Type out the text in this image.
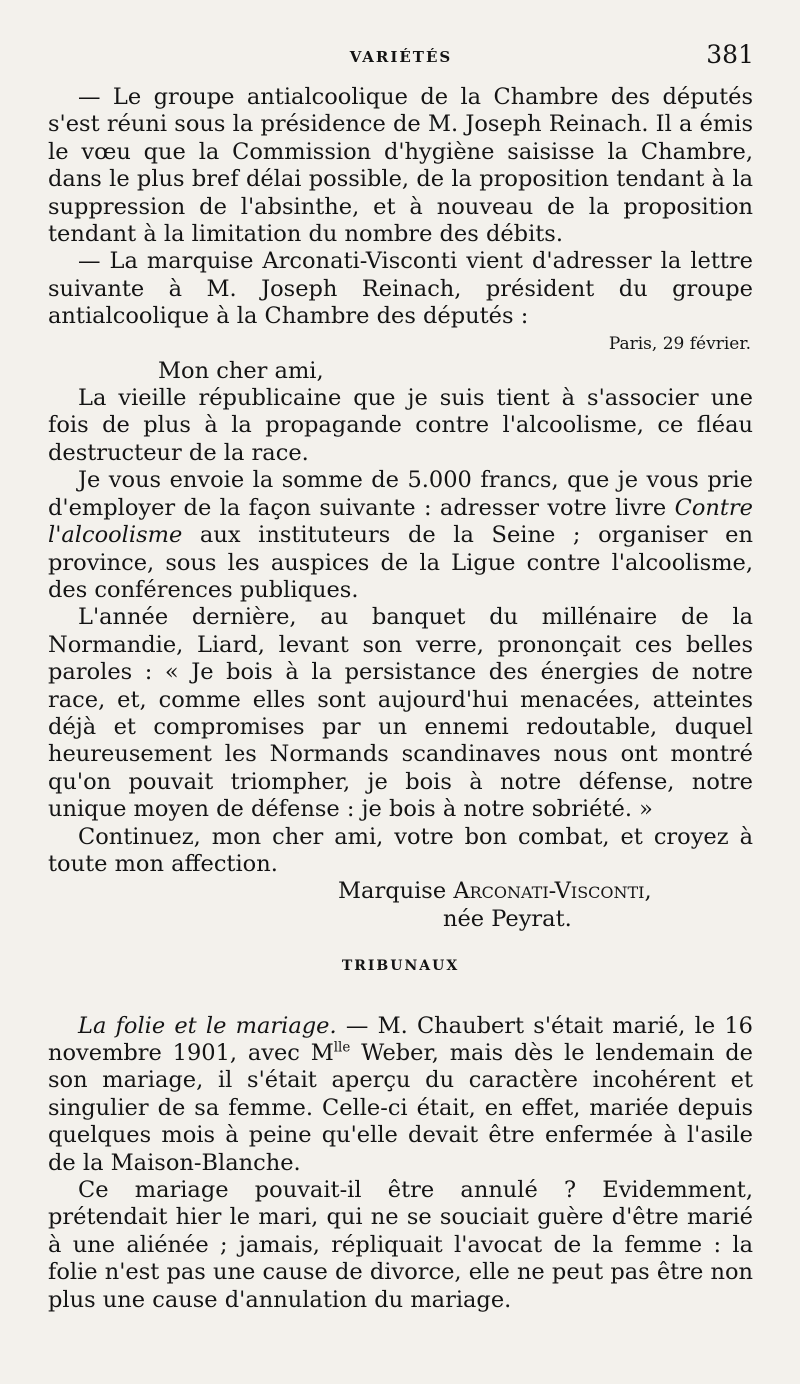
VARIÉTÉS	381

— Le groupe antialcoolique de la Chambre des députés s'est réuni sous la présidence de M. Joseph Reinach. Il a émis le vœu que la Commission d'hygiène saisisse la Chambre, dans le plus bref délai possible, de la proposition tendant à la suppression de l'absinthe, et à nouveau de la proposition tendant à la limitation du nombre des débits.

— La marquise Arconati-Visconti vient d'adresser la lettre suivante à M. Joseph Reinach, président du groupe antialcoolique à la Chambre des députés :

Paris, 29 février.
Mon cher ami,

La vieille républicaine que je suis tient à s'associer une fois de plus à la propagande contre l'alcoolisme, ce fléau destructeur de la race.

Je vous envoie la somme de 5.000 francs, que je vous prie d'employer de la façon suivante : adresser votre livre Contre l'alcoolisme aux instituteurs de la Seine ; organiser en province, sous les auspices de la Ligue contre l'alcoolisme, des conférences publiques.

L'année dernière, au banquet du millénaire de la Normandie, Liard, levant son verre, prononçait ces belles paroles : « Je bois à la persistance des énergies de notre race, et, comme elles sont aujourd'hui menacées, atteintes déjà et compromises par un ennemi redoutable, duquel heureusement les Normands scandinaves nous ont montré qu'on pouvait triompher, je bois à notre défense, notre unique moyen de défense : je bois à notre sobriété. »

Continuez, mon cher ami, votre bon combat, et croyez à toute mon affection.

Marquise Arconati-Visconti,
née Peyrat.
TRIBUNAUX

La folie et le mariage. — M. Chaubert s'était marié, le 16 novembre 1901, avec $M^{lle}$ Weber, mais dès le lendemain de son mariage, il s'était aperçu du caractère incohérent et singulier de sa femme. Celle-ci était, en effet, mariée depuis quelques mois à peine qu'elle devait être enfermée à l'asile de la Maison-Blanche.

Ce mariage pouvait-il être annulé ? Evidemment, prétendait hier le mari, qui ne se souciait guère d'être marié à une aliénée ; jamais, répliquait l'avocat de la femme : la folie n'est pas une cause de divorce, elle ne peut pas être non plus une cause d'annulation du mariage.
